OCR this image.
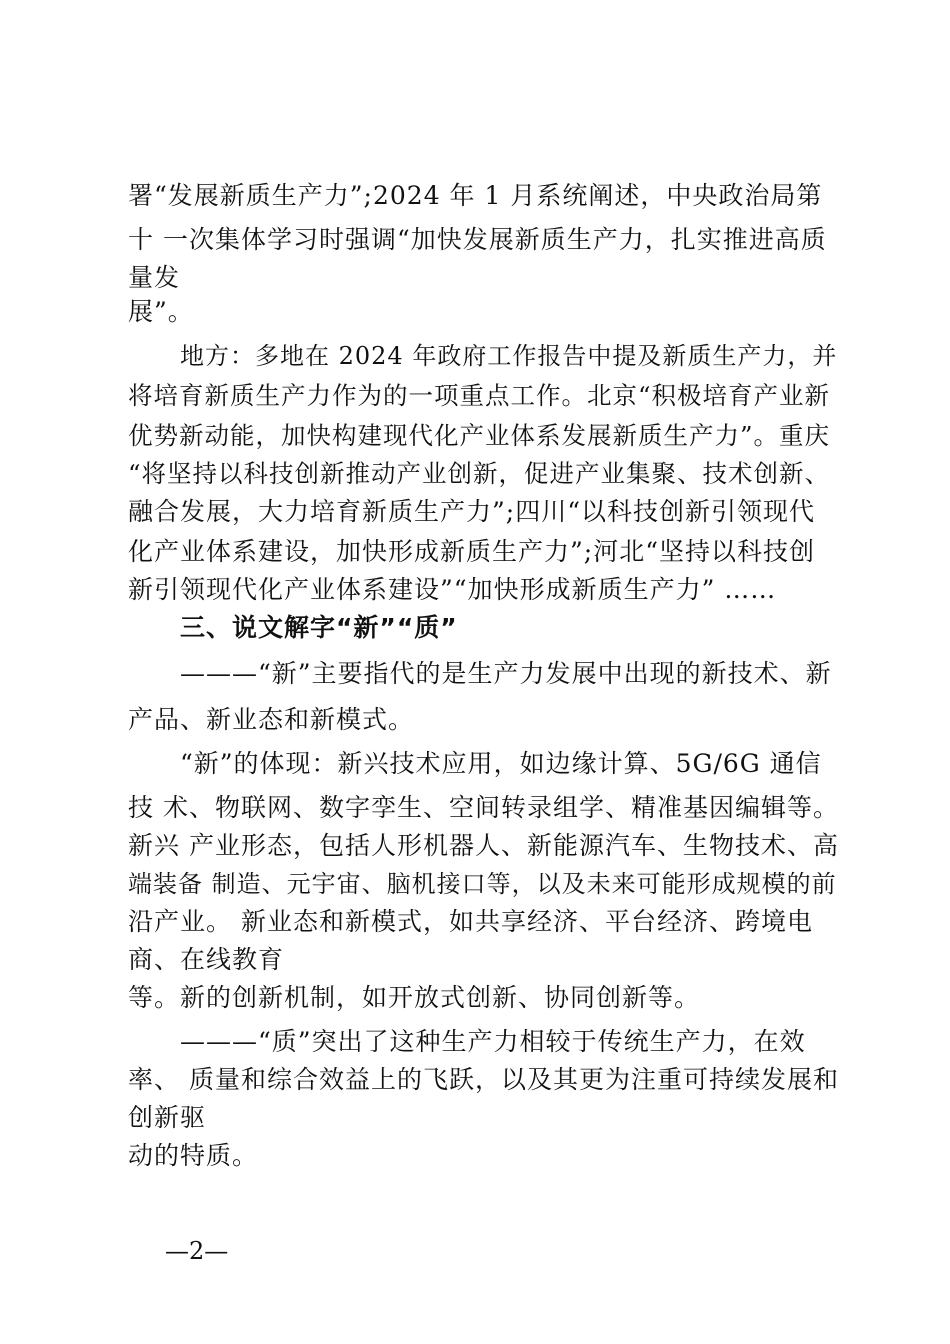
署“发展新质生产力”;2024 年 1 月系统阐述，中央政治局第
十 一次集体学习时强调“加快发展新质生产力，扎实推进高质
量发
展”。
地方：多地在 2024 年政府工作报告中提及新质生产力，并
将培育新质生产力作为的一项重点工作。北京“积极培育产业新
优势新动能，加快构建现代化产业体系发展新质生产力”。重庆
“将坚持以科技创新推动产业创新，促进产业集聚、技术创新、
融合发展，大力培育新质生产力”;四川“以科技创新引领现代
化产业体系建设，加快形成新质生产力”;河北“坚持以科技创
新引领现代化产业体系建设”“加快形成新质生产力” ……
三、说文解字“新”“质”
———“新”主要指代的是生产力发展中出现的新技术、新
产品、新业态和新模式。
“新”的体现：新兴技术应用，如边缘计算、5G/6G 通信
技 术、物联网、数字孪生、空间转录组学、精准基因编辑等。
新兴 产业形态，包括人形机器人、新能源汽车、生物技术、高
端装备 制造、元宇宙、脑机接口等，以及未来可能形成规模的前
沿产业。 新业态和新模式，如共享经济、平台经济、跨境电
商、在线教育
等。新的创新机制，如开放式创新、协同创新等。
———“质”突出了这种生产力相较于传统生产力，在效
率、 质量和综合效益上的飞跃，以及其更为注重可持续发展和
创新驱
动的特质。
—2—
